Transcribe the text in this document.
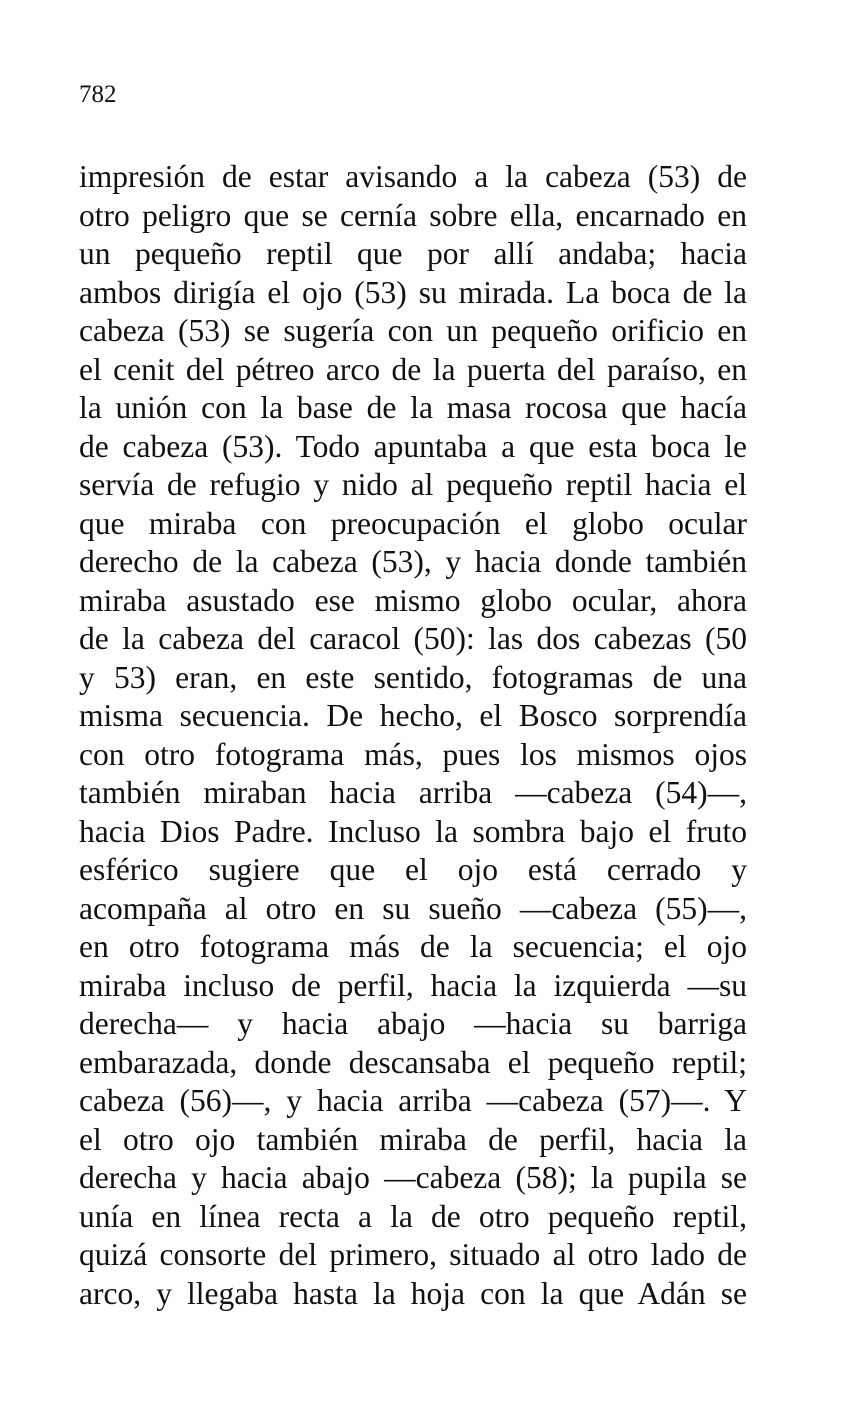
782
impresión de estar avisando a la cabeza (53) de
otro peligro que se cernía sobre ella, encarnado en
un pequeño reptil que por allí andaba; hacia
ambos dirigía el ojo (53) su mirada. La boca de la
cabeza (53) se sugería con un pequeño orificio en
el cenit del pétreo arco de la puerta del paraíso, en
la unión con la base de la masa rocosa que hacía
de cabeza (53). Todo apuntaba a que esta boca le
servía de refugio y nido al pequeño reptil hacia el
que miraba con preocupación el globo ocular
derecho de la cabeza (53), y hacia donde también
miraba asustado ese mismo globo ocular, ahora
de la cabeza del caracol (50): las dos cabezas (50
y 53) eran, en este sentido, fotogramas de una
misma secuencia. De hecho, el Bosco sorprendía
con otro fotograma más, pues los mismos ojos
también miraban hacia arriba —cabeza (54)—,
hacia Dios Padre. Incluso la sombra bajo el fruto
esférico sugiere que el ojo está cerrado y
acompaña al otro en su sueño —cabeza (55)—,
en otro fotograma más de la secuencia; el ojo
miraba incluso de perfil, hacia la izquierda —su
derecha— y hacia abajo —hacia su barriga
embarazada, donde descansaba el pequeño reptil;
cabeza (56)—, y hacia arriba —cabeza (57)—. Y
el otro ojo también miraba de perfil, hacia la
derecha y hacia abajo —cabeza (58); la pupila se
unía en línea recta a la de otro pequeño reptil,
quizá consorte del primero, situado al otro lado de
arco, y llegaba hasta la hoja con la que Adán se
